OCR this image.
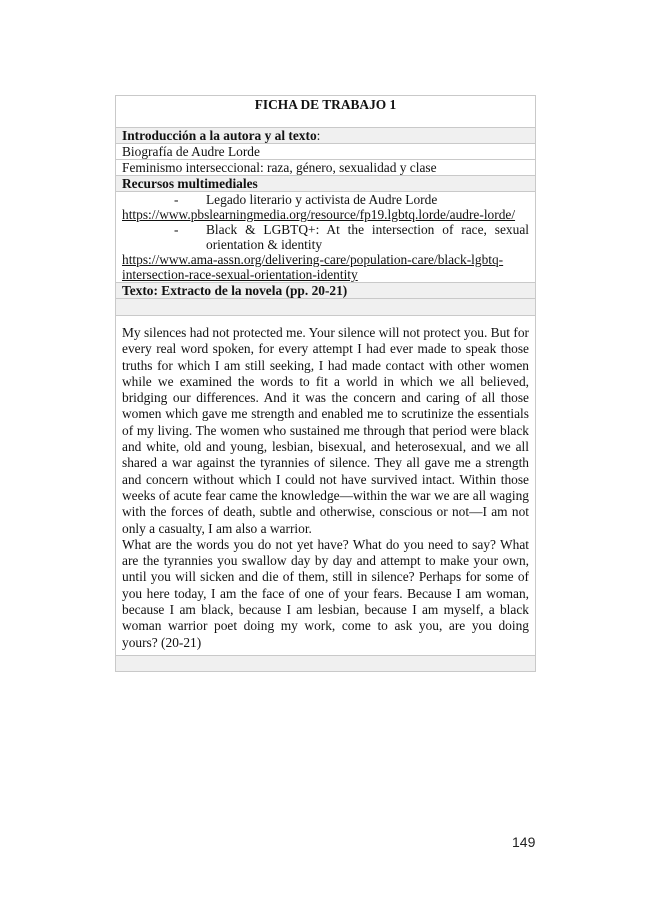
FICHA DE TRABAJO 1
Introducción a la autora y al texto:

Biografía de Audre Lorde

Feminismo interseccional: raza, género, sexualidad y clase

Recursos multimediales

-	Legado literario y activista de Audre Lorde
https://www.pbslearningmedia.org/resource/fp19.lgbtq.lorde/audre-lorde/
-	Black & LGBTQ+: At the intersection of race, sexual orientation & identity
https://www.ama-assn.org/delivering-care/population-care/black-lgbtq-intersection-race-sexual-orientation-identity

Texto: Extracto de la novela (pp. 20-21)

My silences had not protected me. Your silence will not protect you. But for every real word spoken, for every attempt I had ever made to speak those truths for which I am still seeking, I had made contact with other women while we examined the words to fit a world in which we all believed, bridging our differences. And it was the concern and caring of all those women which gave me strength and enabled me to scrutinize the essentials of my living. The women who sustained me through that period were black and white, old and young, lesbian, bisexual, and heterosexual, and we all shared a war against the tyrannies of silence. They all gave me a strength and concern without which I could not have survived intact. Within those weeks of acute fear came the knowledge—within the war we are all waging with the forces of death, subtle and otherwise, conscious or not—I am not only a casualty, I am also a warrior.

What are the words you do not yet have? What do you need to say? What are the tyrannies you swallow day by day and attempt to make your own, until you will sicken and die of them, still in silence? Perhaps for some of you here today, I am the face of one of your fears. Because I am woman, because I am black, because I am lesbian, because I am myself, a black woman warrior poet doing my work, come to ask you, are you doing yours? (20-21)

149
